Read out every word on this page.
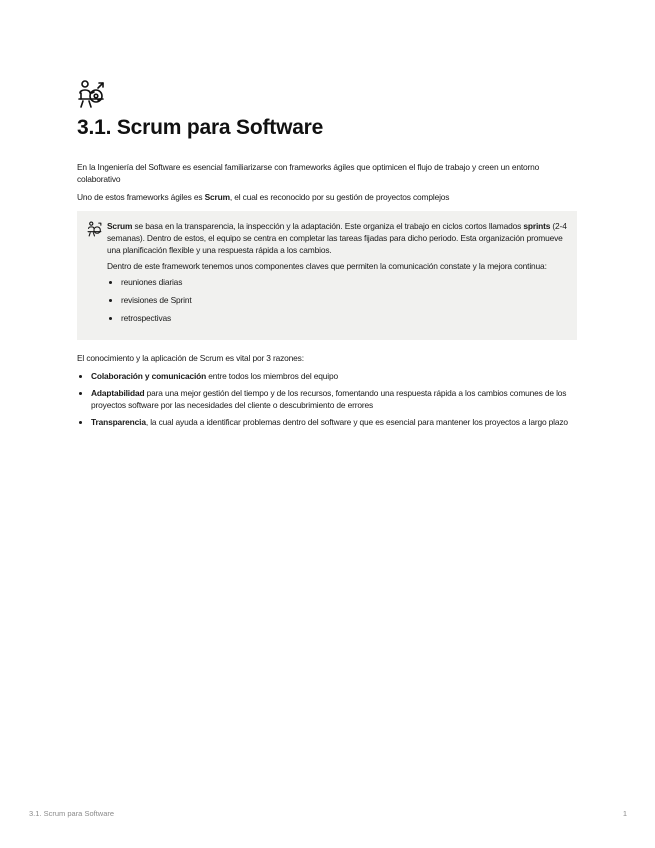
3.1. Scrum para Software

En la Ingeniería del Software es esencial familiarizarse con frameworks ágiles que optimicen el flujo de trabajo y creen un entorno colaborativo

Uno de estos frameworks ágiles es Scrum, el cual es reconocido por su gestión de proyectos complejos

Scrum se basa en la transparencia, la inspección y la adaptación. Este organiza el trabajo en ciclos cortos llamados sprints (2-4 semanas). Dentro de estos, el equipo se centra en completar las tareas fijadas para dicho periodo. Esta organización promueve una planificación flexible y una respuesta rápida a los cambios.

Dentro de este framework tenemos unos componentes claves que permiten la comunicación constate y la mejora continua:

• reuniones diarias
• revisiones de Sprint
• retrospectivas

El conocimiento y la aplicación de Scrum es vital por 3 razones:

• Colaboración y comunicación entre todos los miembros del equipo
• Adaptabilidad para una mejor gestión del tiempo y de los recursos, fomentando una respuesta rápida a los cambios comunes de los proyectos software por las necesidades del cliente o descubrimiento de errores
• Transparencia, la cual ayuda a identificar problemas dentro del software y que es esencial para mantener los proyectos a largo plazo
3.1. Scrum para Software	1
